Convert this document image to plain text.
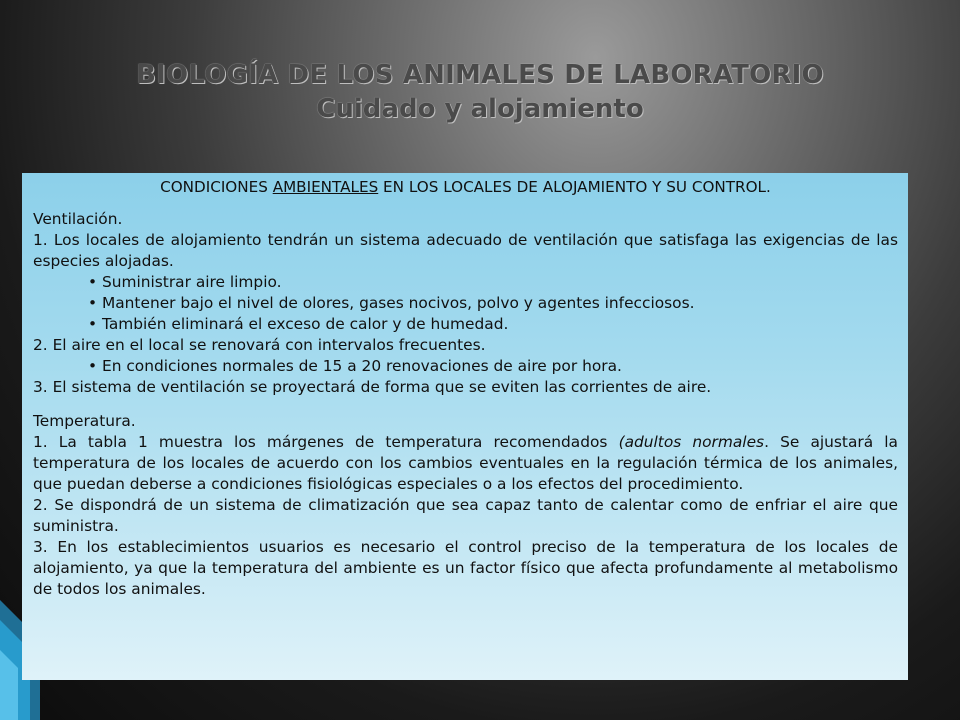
BIOLOGÍA DE LOS ANIMALES DE LABORATORIO
Cuidado y alojamiento

CONDICIONES AMBIENTALES EN LOS LOCALES DE ALOJAMIENTO Y SU CONTROL.

Ventilación.

1. Los locales de alojamiento tendrán un sistema adecuado de ventilación que satisfaga las exigencias de las especies alojadas.

• Suministrar aire limpio.

• Mantener bajo el nivel de olores, gases nocivos, polvo y agentes infecciosos.

• También eliminará el exceso de calor y de humedad.

2. El aire en el local se renovará con intervalos frecuentes.

• En condiciones normales de 15 a 20 renovaciones de aire por hora.

3. El sistema de ventilación se proyectará de forma que se eviten las corrientes de aire.

Temperatura.

1. La tabla 1 muestra los márgenes de temperatura recomendados (adultos normales. Se ajustará la temperatura de los locales de acuerdo con los cambios eventuales en la regulación térmica de los animales, que puedan deberse a condiciones fisiológicas especiales o a los efectos del procedimiento.

2. Se dispondrá de un sistema de climatización que sea capaz tanto de calentar como de enfriar el aire que suministra.

3. En los establecimientos usuarios es necesario el control preciso de la temperatura de los locales de alojamiento, ya que la temperatura del ambiente es un factor físico que afecta profundamente al metabolismo de todos los animales.
